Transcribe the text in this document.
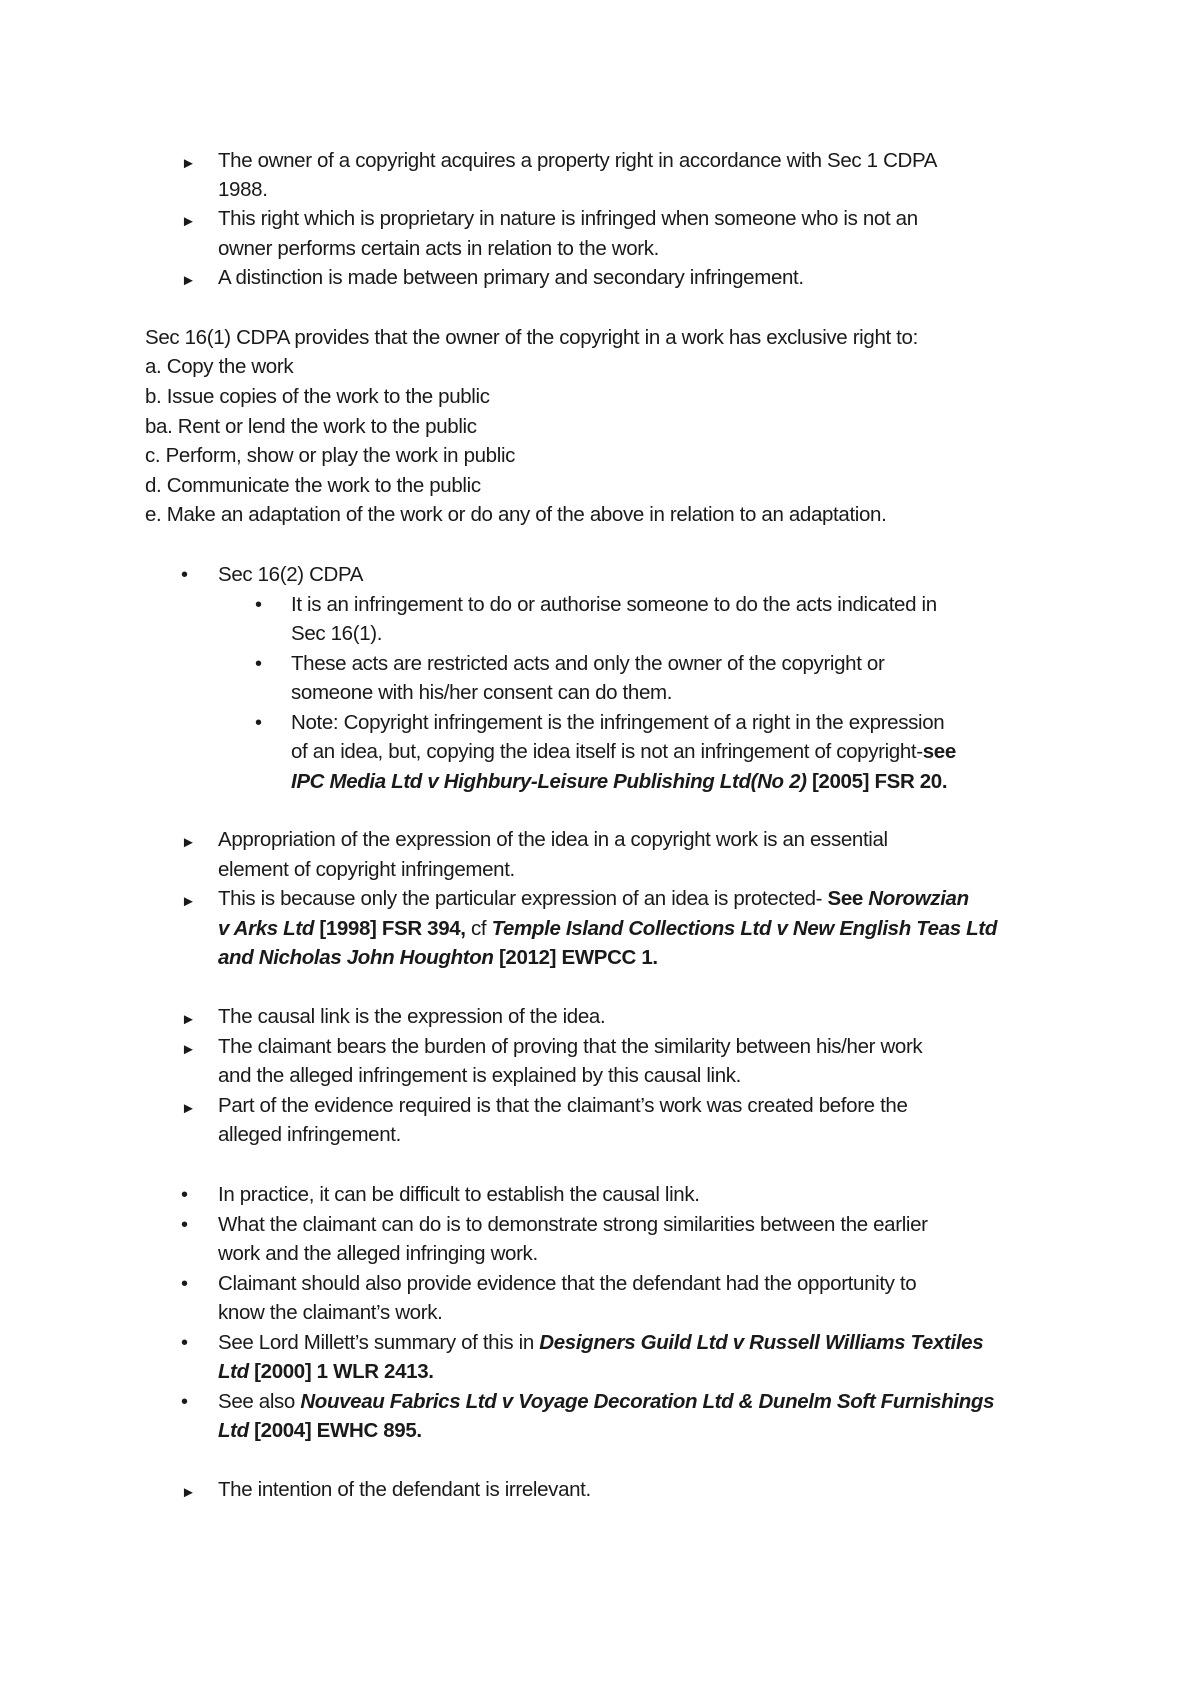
► The owner of a copyright acquires a property right in accordance with Sec 1 CDPA
1988.
► This right which is proprietary in nature is infringed when someone who is not an
owner performs certain acts in relation to the work.
► A distinction is made between primary and secondary infringement.
Sec 16(1) CDPA provides that the owner of the copyright in a work has exclusive right to:
a. Copy the work
b. Issue copies of the work to the public
ba. Rent or lend the work to the public
c. Perform, show or play the work in public
d. Communicate the work to the public
e. Make an adaptation of the work or do any of the above in relation to an adaptation.
• Sec 16(2) CDPA
• It is an infringement to do or authorise someone to do the acts indicated in
Sec 16(1).
• These acts are restricted acts and only the owner of the copyright or
someone with his/her consent can do them.
• Note: Copyright infringement is the infringement of a right in the expression
of an idea, but, copying the idea itself is not an infringement of copyright-see
IPC Media Ltd v Highbury-Leisure Publishing Ltd(No 2) [2005] FSR 20.
► Appropriation of the expression of the idea in a copyright work is an essential
element of copyright infringement.
► This is because only the particular expression of an idea is protected- See Norowzian
v Arks Ltd [1998] FSR 394, cf Temple Island Collections Ltd v New English Teas Ltd
and Nicholas John Houghton [2012] EWPCC 1.
► The causal link is the expression of the idea.
► The claimant bears the burden of proving that the similarity between his/her work
and the alleged infringement is explained by this causal link.
► Part of the evidence required is that the claimant’s work was created before the
alleged infringement.
• In practice, it can be difficult to establish the causal link.
• What the claimant can do is to demonstrate strong similarities between the earlier
work and the alleged infringing work.
• Claimant should also provide evidence that the defendant had the opportunity to
know the claimant’s work.
• See Lord Millett’s summary of this in Designers Guild Ltd v Russell Williams Textiles
Ltd [2000] 1 WLR 2413.
• See also Nouveau Fabrics Ltd v Voyage Decoration Ltd & Dunelm Soft Furnishings
Ltd [2004] EWHC 895.
► The intention of the defendant is irrelevant.
